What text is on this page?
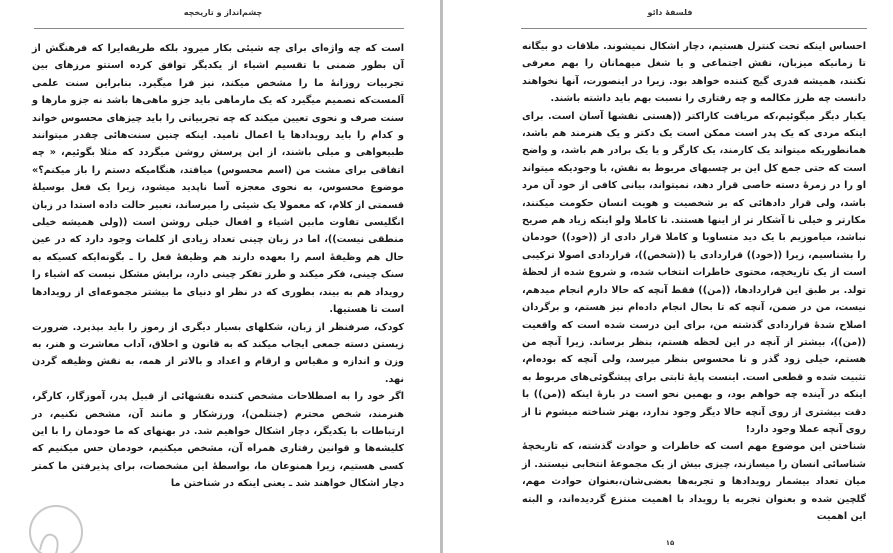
چشم‌انداز و تاریخچه

است که چه واژه‌ای برای چه شیئی بکار میرود بلکه طریقه‌ایرا که فرهنگش از آن بطور ضمنی با تقسیم اشیاء از یکدیگر توافق کرده استتو مرزهای بین تجربیات روزانهٔ ما را مشخص میکند، نیز فرا میگیرد. بنابراین سنت علمی آلمست‌که تصمیم میگیرد که یک مارماهی باید جزو ماهی‌ها باشد نه جزو مارها و سنت صرف و نحوی تعیین میکند که چه تجربیاتی را باید چیزهای محسوس خواند و کدام را باید رویدادها یا اعمال نامید. اینکه چنین سنت‌هائی چقدر میتوانند طبیعواهی و میلی باشند، از این پرسش روشن میگردد که مثلا بگوئیم، « چه اتفاقی برای مشت من (اسم محسوس) میافتد، هنگامیکه دستم را باز میکنم؟» موضوع محسوس، به نحوی معجزه آسا ناپدید میشود، زیرا یک فعل بوسیلهٔ قسمتی از کلام، که معمولا یک شیئی را میرساند، تعبیر حالت داده استدا در زبان انگلیسی تفاوت مابین اشیاء و افعال خیلی روشن است ((ولی همیشه خیلی منطقی نیست))، اما در زبان چینی تعداد زیادی از کلمات وجود دارد که در عین حال هم وظیفهٔ اسم را بعهده دارند هم وظیفهٔ فعل را ـ بگونه‌ایکه کسیکه به سنک چینی، فکر میکند و طرز تفکر چینی دارد، برایش مشکل نیست که اشیاء را رویداد هم به بیند، بطوری که در نظر او دنیای ما بیشتر مجموعه‌ای از رویدادها است تا هستیها.

کودک، صرفنظر از زبان، شکلهای بسیار دیگری از رموز را باید بپذیرد. ضرورت زیستن دسته جمعی ایجاب میکند که به قانون و اخلاق، آداب معاشرت و هنر، به وزن و اندازه و مقیاس و ارقام و اعداد و بالاتر از همه، به نقش وظیفه گردن نهد.

اگر خود را به اصطلاحات مشخص کننده نقشهائی از قبیل پدر، آموزگار، کارگر، هنرمند، شخص محترم (جنتلمن)، ورزشکار و مانند آن، مشخص نکنیم، در ارتباطات با یکدیگر، دچار اشکال خواهیم شد. در بهنهای که ما خودمان را با این کلیشه‌ها و قوانین رفتاری همراه آن، مشخص میکنیم، خودمان حس میکنیم که کسی هستیم، زیرا همنوعان ما، بواسطهٔ این مشخصات، برای پذیرفتن ما کمتر دچار اشکال خواهند شد ـ یعنی اینکه در شناختن ما

فلسفهٔ دائو

احساس اینکه تحت کنترل هستیم، دچار اشکال نمیشوند. ملاقات دو بیگانه تا زمانیکه میزبان، نقش اجتماعی و یا شغل میهمانان را بهم معرفی نکنند، همیشه قدری گیج کننده خواهد بود. زیرا در اینصورت، آنها نخواهند دانست چه طرز مکالمه و چه رفتاری را نسبت بهم باید داشته باشند.

یکبار دیگر میگوئیم،که مریافت کاراکتر ((هستی نقشها آسان است. برای اینکه مردی که یک پدر است ممکن است یک دکتر و یک هنرمند هم باشد، همانطوریکه میتواند یک کارمند، یک کارگر و یا یک برادر هم باشد، و واضح است که حتی جمع کل این بر چسبهای مربوط به نقش، با وجودیکه میتواند او را در زمرهٔ دسته خاصی قرار دهد، نمیتواند، بیانی کافی از خود آن مرد باشد، ولی قرار دادهائی که بر شخصیت و هویت انسان حکومت میکنند، مکارتر و خیلی نا آشکار تر از اینها هستند. تا کاملا ولو اینکه زیاد هم صریح نباشد، میاموزیم با یک دید متساویا و کاملا قرار دادی از ((خود)) خودمان را بشناسیم، زیرا ((خود)) قراردادی یا ((شخص))، قراردادی اصولا ترکیبی است از یک تاریخچه، محتوی خاطرات انتخاب شده، و شروع شده از لحظهٔ تولد. بر طبق این قراردادها، ((من)) فقط آنچه که حالا دارم انجام میدهم، نیست، من در ضمن، آنچه که تا بحال انجام داده‌ام نیز هستم، و برگردان اصلاح شدهٔ قراردادی گذشته من، برای این درست شده است که واقعیت ((من))، بیشتر از آنچه در این لحظه هستم، بنظر برساند. زیرا آنچه من هستم، خیلی زود گذر و نا محسوس بنظر میرسد، ولی آنچه که بوده‌ام، تثبیت شده و قطعی است. اینست پایهٔ ثابتی برای پیشگوئی‌های مربوط به اینکه در آینده چه خواهم بود، و بهمین نحو است در بارهٔ اینکه ((من)) با دقت بیشتری از روی آنچه حالا دیگر وجود ندارد، بهتر شناخته میشوم تا از روی آنچه عملا وجود دارد!

شناختن این موضوع مهم است که خاطرات و حوادث گذشته، که تاریخچهٔ شناسائی انسان را میسازند، چیزی بیش از یک مجموعهٔ انتخابی نیستند. از میان تعداد بیشمار رویدادها و تجربه‌ها بعضی‌شان،بعنوان حوادث مهم، گلچین شده و بعنوان تجربه یا رویداد با اهمیت منتزع گردیده‌اند، و البته این اهمیت

۱۵
